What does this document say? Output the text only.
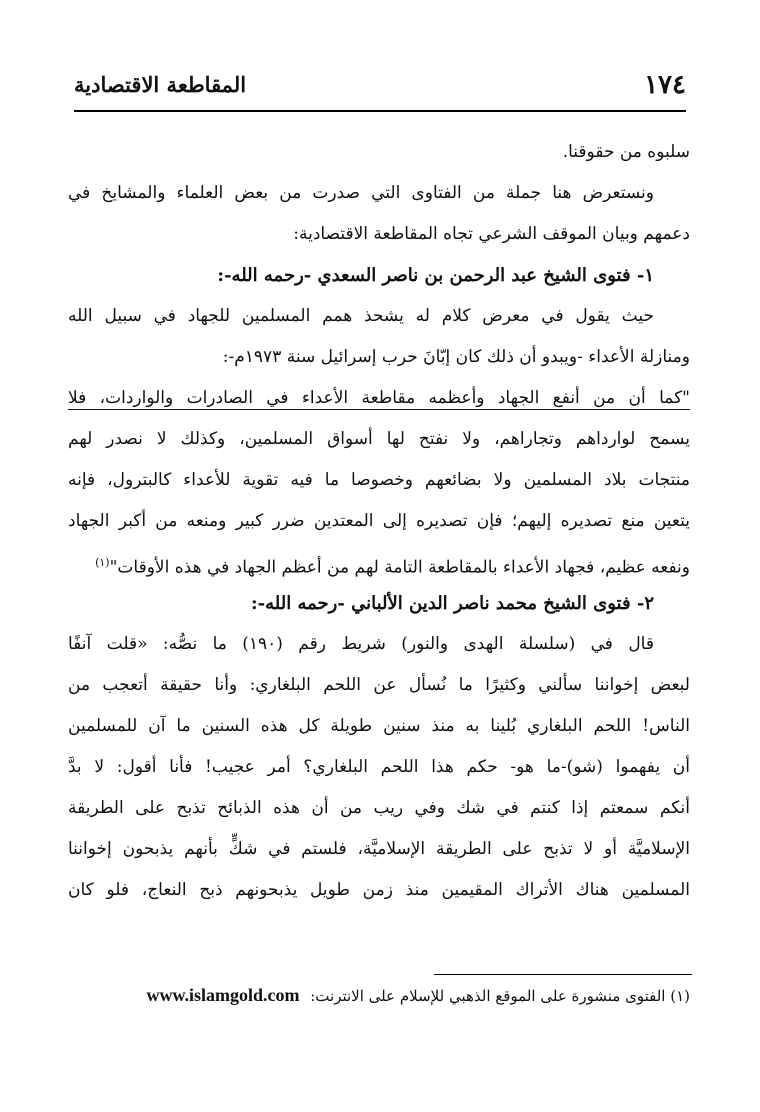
١٧٤
المقاطعة الاقتصادية
سلبوه من حقوقنا.
ونستعرض هنا جملة من الفتاوى التي صدرت من بعض العلماء والمشايخ في
دعمهم وبيان الموقف الشرعي تجاه المقاطعة الاقتصادية:
١- فتوى الشيخ عبد الرحمن بن ناصر السعدي -رحمه الله-:
حيث يقول في معرض كلام له يشحذ همم المسلمين للجهاد في سبيل الله
ومنازلة الأعداء -ويبدو أن ذلك كان إبّانَ حرب إسرائيل سنة ١٩٧٣م-:
"كما أن من أنفع الجهاد وأعظمه مقاطعة الأعداء في الصادرات والواردات، فلا
يسمح لوارداهم وتجاراهم، ولا نفتح لها أسواق المسلمين، وكذلك لا نصدر لهم
منتجات بلاد المسلمين ولا بضائعهم وخصوصا ما فيه تقوية للأعداء كالبترول، فإنه
يتعين منع تصديره إليهم؛ فإن تصديره إلى المعتدين ضرر كبير ومنعه من أكبر الجهاد
ونفعه عظيم، فجهاد الأعداء بالمقاطعة التامة لهم من أعظم الجهاد في هذه الأوقات"$^{(١)}$
٢- فتوى الشيخ محمد ناصر الدين الألباني -رحمه الله-:
قال في (سلسلة الهدى والنور) شريط رقم (١٩٠) ما نصُّه: «قلت آنفًا
لبعض إخواننا سألني وكثيرًا ما نُسأل عن اللحم البلغاري: وأنا حقيقة أتعجب من
الناس! اللحم البلغاري بُلينا به منذ سنين طويلة كل هذه السنين ما آن للمسلمين
أن يفهموا (شو)-ما هو- حكم هذا اللحم البلغاري؟ أمر عجيب! فأنا أقول: لا بدَّ
أنكم سمعتم إذا كنتم في شك وفي ريب من أن هذه الذبائح تذبح على الطريقة
الإسلاميَّة أو لا تذبح على الطريقة الإسلاميَّة، فلستم في شكٍّ بأنهم يذبحون إخواننا
المسلمين هناك الأتراك المقيمين منذ زمن طويل يذبحونهم ذبح النعاج، فلو كان
(١) الفتوى منشورة على الموقع الذهبي للإسلام على الانترنت: www.islamgold.com
